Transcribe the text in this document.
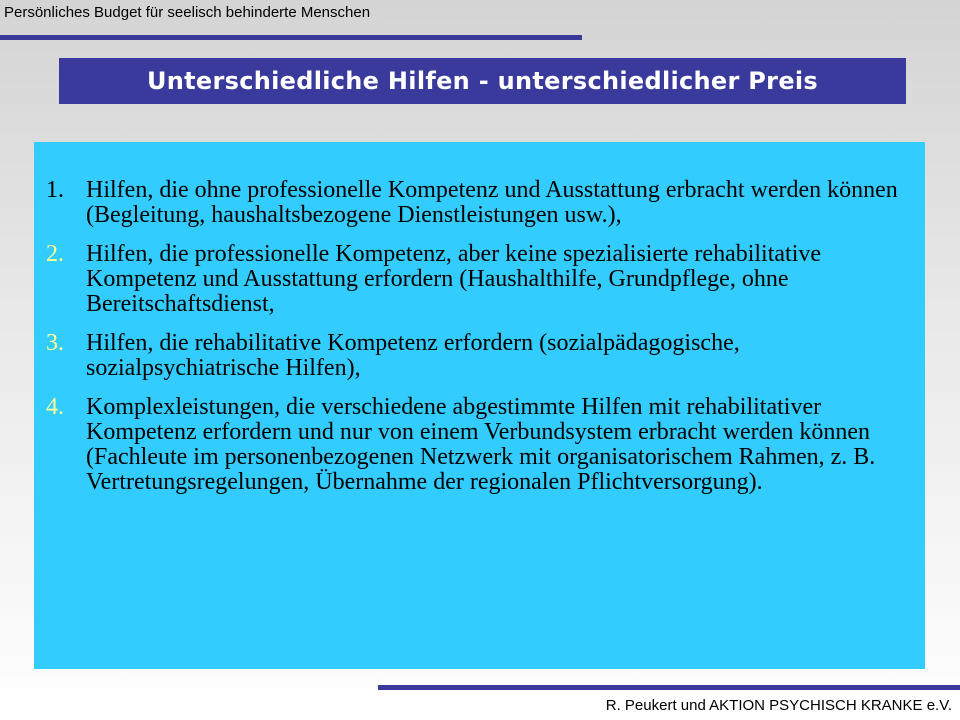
Persönliches Budget für seelisch behinderte Menschen
Unterschiedliche Hilfen - unterschiedlicher Preis
1. Hilfen, die ohne professionelle Kompetenz und Ausstattung erbracht werden können (Begleitung, haushaltsbezogene Dienstleistungen usw.),
2. Hilfen, die professionelle Kompetenz, aber keine spezialisierte rehabilitative Kompetenz und Ausstattung erfordern (Haushalthilfe, Grundpflege, ohne Bereitschaftsdienst,
3. Hilfen, die rehabilitative Kompetenz erfordern (sozialpädagogische, sozialpsychiatrische Hilfen),
4. Komplexleistungen, die verschiedene abgestimmte Hilfen mit rehabilitativer Kompetenz erfordern und nur von einem Verbundsystem erbracht werden können (Fachleute im personenbezogenen Netzwerk mit organisatorischem Rahmen, z. B. Vertretungsregelungen, Übernahme der regionalen Pflichtversorgung).
R. Peukert und AKTION PSYCHISCH KRANKE e.V.
